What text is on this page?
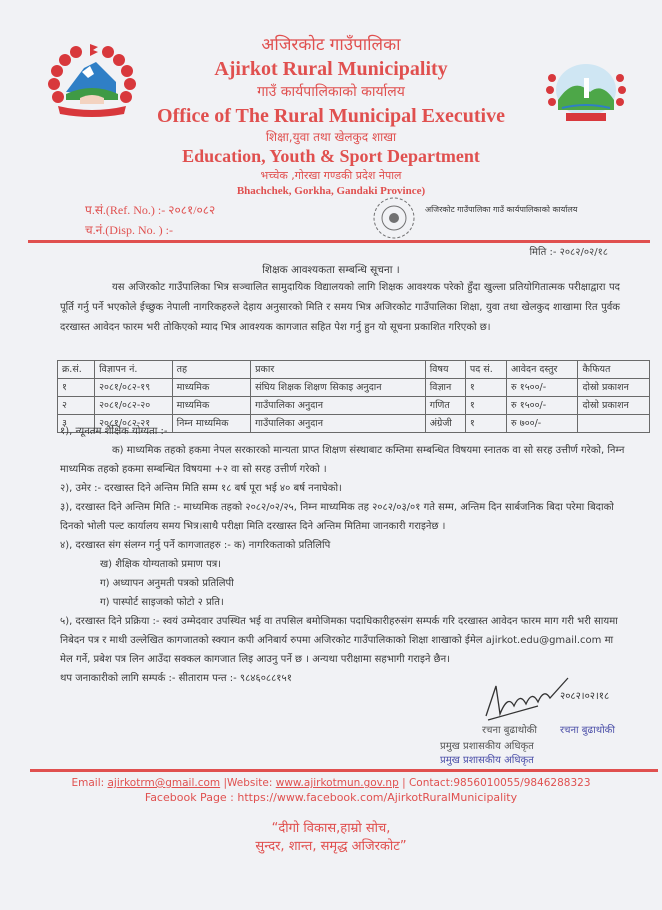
अजिरकोट गाउँपालिका
Ajirkot Rural Municipality
गाउँ कार्यपालिकाको कार्यालय
Office of The Rural Municipal Executive
शिक्षा,युवा तथा खेलकुद शाखा
Education, Youth & Sport Department
भच्चेक ,गोरखा गण्डकी प्रदेश नेपाल
Bhachchek, Gorkha, Gandaki Province)
प.सं.(Ref. No.) :- २०८१/०८२
च.नं.(Disp. No. ) :-
अजिरकोट गाउँपालिका गाउँ कार्यपालिकाको कार्यालय
मिति :- २०८२/०२/१८
शिक्षक आवश्यकता सम्बन्धि सूचना ।
यस अजिरकोट गाउँपालिका भित्र सञ्चालित सामुदायिक विद्यालयको लागि शिक्षक आवश्यक परेको हुँदा खुल्ला प्रतियोगितात्मक परीक्षाद्वारा पद पूर्ति गर्नु पर्ने भएकोले ईच्छुक नेपाली नागरिकहरुले देहाय अनुसारको मिति र समय भित्र अजिरकोट गाउँपालिका शिक्षा, युवा तथा खेलकुद शाखामा रित पुर्वक दरखास्त आवेदन फारम भरी तोकिएको म्याद भित्र आवश्यक कागजात सहित पेश गर्नु हुन यो सूचना प्रकाशित गरिएको छ।
क्र.सं.	विज्ञापन नं.	तह	प्रकार	विषय	पद सं.	आवेदन दस्तुर	कैफियत
१	२०८१/०८२-१९	माध्यमिक	संघिय शिक्षक शिक्षण सिकाइ अनुदान	विज्ञान	१	रु १५००/-	दोस्रो प्रकाशन
२	२०८१/०८२-२०	माध्यमिक	गाउँपालिका अनुदान	गणित	१	रु १५००/-	दोस्रो प्रकाशन
३	२०८१/०८२-२१	निम्न माध्यमिक	गाउँपालिका अनुदान	अंग्रेजी	१	रु ७००/-	
१), न्यूनतम शैक्षिक योग्यता :-
क) माध्यमिक तहको हकमा नेपल सरकारको मान्यता प्राप्त शिक्षण संस्थाबाट कम्तिमा सम्बन्धित विषयमा स्नातक वा सो सरह उत्तीर्ण गरेको, निम्न माध्यमिक तहको हकमा सम्बन्धित विषयमा +२ वा सो सरह उत्तीर्ण गरेको ।
२), उमेर :- दरखास्त दिने अन्तिम मिति सम्म १८ बर्ष पूरा भई ४० बर्ष ननाघेको।
३), दरखास्त दिने अन्तिम मिति :- माध्यमिक तहको २०८२/०२/२५, निम्न माध्यमिक तह २०८२/०३/०१ गते सम्म, अन्तिम दिन सार्बजनिक बिदा परेमा बिदाको दिनको भोली पल्ट कार्यालय समय भित्र।साथै परीक्षा मिति दरखास्त दिने अन्तिम मितिमा जानकारी गराइनेछ ।
४), दरखास्त संग संलग्न गर्नु पर्ने कागजातहरु :- क) नागरिकताको प्रतिलिपि
ख) शैक्षिक योग्यताको प्रमाण पत्र।
ग) अध्यापन अनुमती पत्रको प्रतिलिपी
ग) पास्पोर्ट साइजको फोटो २ प्रति।
५), दरखास्त दिने प्रक्रिया :- स्वयं उम्मेदवार उपस्थित भई वा तपसिल बमोजिमका पदाधिकारीहरुसंग सम्पर्क गरि दरखास्त आवेदन फारम माग गरी भरी सायमा निबेदन पत्र र माथी उल्लेखित कागजातको स्क्यान कपी अनिबार्य रुपमा अजिरकोट गाउँपालिकाको शिक्षा शाखाको ईमेल ajirkot.edu@gmail.com मा मेल गर्ने, प्रबेश पत्र लिन आउँदा सक्कल कागजात लिइ आउनु पर्ने छ । अन्यथा परीक्षामा सहभागी गराइने छैन।
थप जनाकारीको लागि सम्पर्क :- सीताराम पन्त :- ९८४६०८८१५१
२०८२।०२।१८
रचना बुढाथोकी रचना बुढाथोकी
प्रमुख प्रशासकीय अधिकृत
प्रमुख प्रशासकीय अधिकृत
Email: ajirkotrm@gmail.com |Website: www.ajirkotmun.gov.np | Contact:9856010055/9846288323
Facebook Page : https://www.facebook.com/AjirkotRuralMunicipality
“दीगो विकास,हाम्रो सोच,
सुन्दर, शान्त, समृद्ध अजिरकोट”
